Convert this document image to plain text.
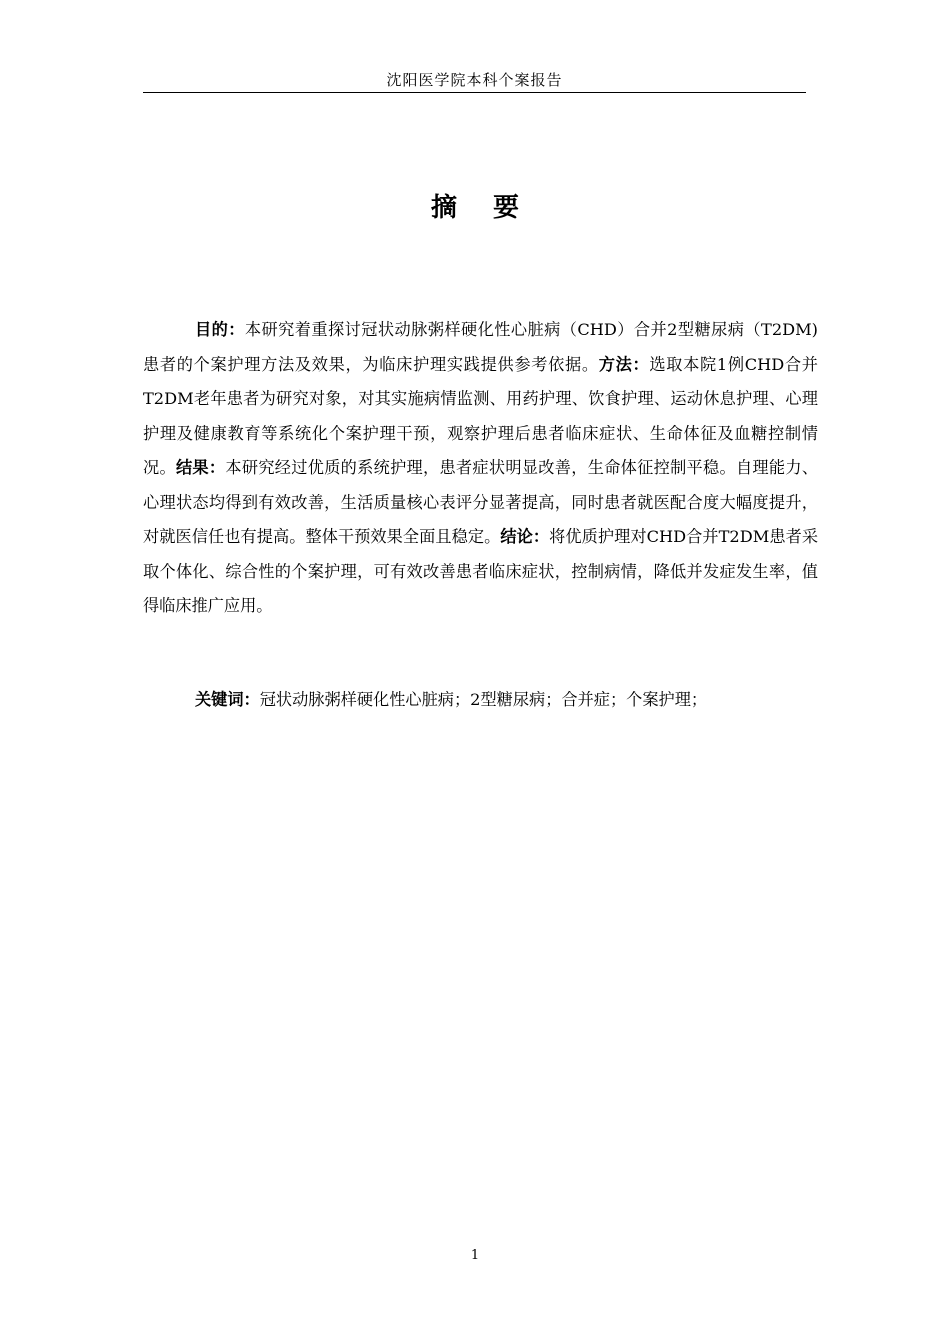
沈阳医学院本科个案报告
摘 要

目的：本研究着重探讨冠状动脉粥样硬化性心脏病（CHD）合并2型糖尿病（T2DM)患者的个案护理方法及效果，为临床护理实践提供参考依据。方法：选取本院1例CHD合并T2DM老年患者为研究对象，对其实施病情监测、用药护理、饮食护理、运动休息护理、心理护理及健康教育等系统化个案护理干预，观察护理后患者临床症状、生命体征及血糖控制情况。结果：本研究经过优质的系统护理，患者症状明显改善，生命体征控制平稳。自理能力、心理状态均得到有效改善，生活质量核心表评分显著提高，同时患者就医配合度大幅度提升，对就医信任也有提高。整体干预效果全面且稳定。结论：将优质护理对CHD合并T2DM患者采取个体化、综合性的个案护理，可有效改善患者临床症状，控制病情，降低并发症发生率，值得临床推广应用。

关键词：冠状动脉粥样硬化性心脏病；2型糖尿病；合并症；个案护理；

1
